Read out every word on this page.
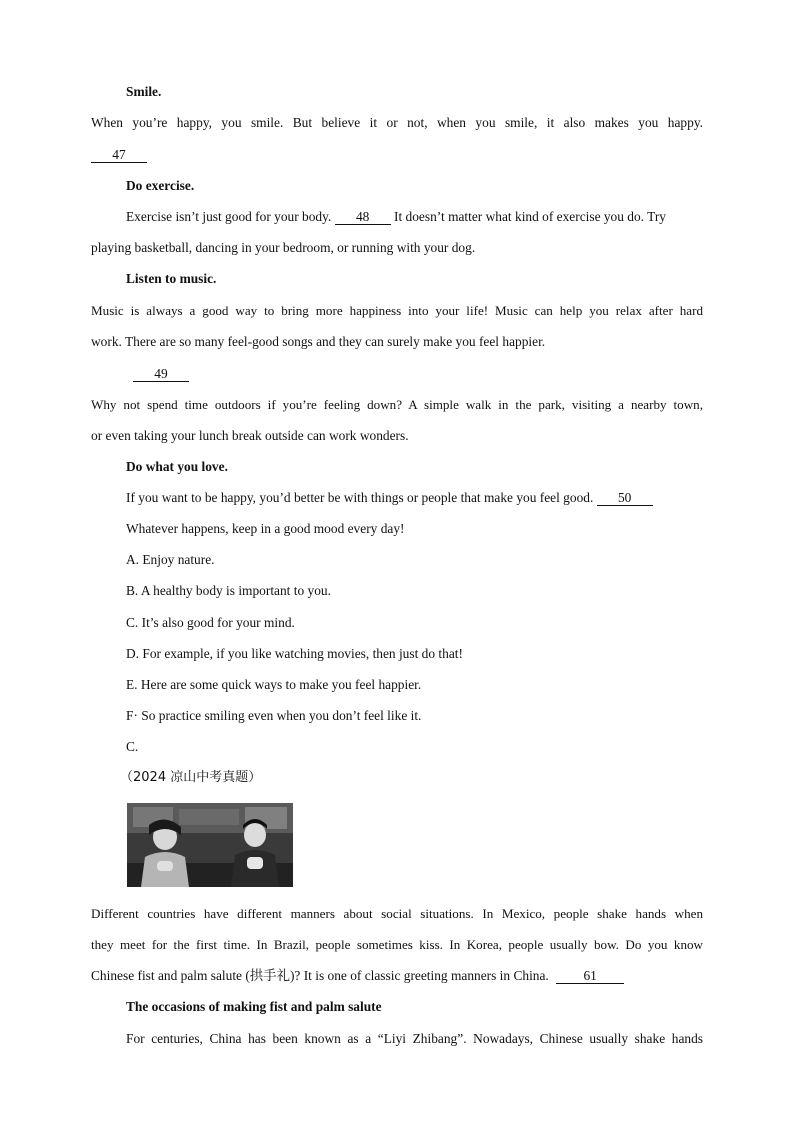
Smile.
When you’re happy, you smile. But believe it or not, when you smile, it also makes you happy.
47
Do exercise.
Exercise isn’t just good for your body. 48 It doesn’t matter what kind of exercise you do. Try
playing basketball, dancing in your bedroom, or running with your dog.
Listen to music.
Music is always a good way to bring more happiness into your life! Music can help you relax after hard
work. There are so many feel-good songs and they can surely make you feel happier.
49
Why not spend time outdoors if you’re feeling down? A simple walk in the park, visiting a nearby town,
or even taking your lunch break outside can work wonders.
Do what you love.
If you want to be happy, you’d better be with things or people that make you feel good. 50
Whatever happens, keep in a good mood every day!
A. Enjoy nature.
B. A healthy body is important to you.
C. It’s also good for your mind.
D. For example, if you like watching movies, then just do that!
E. Here are some quick ways to make you feel happier.
F· So practice smiling even when you don’t feel like it.
C.
（2024 凉山中考真题）
Different countries have different manners about social situations. In Mexico, people shake hands when
they meet for the first time. In Brazil, people sometimes kiss. In Korea, people usually bow. Do you know
Chinese fist and palm salute (拱手礼)? It is one of classic greeting manners in China.	61
The occasions of making fist and palm salute
For centuries, China has been known as a “Liyi Zhibang”. Nowadays, Chinese usually shake hands
